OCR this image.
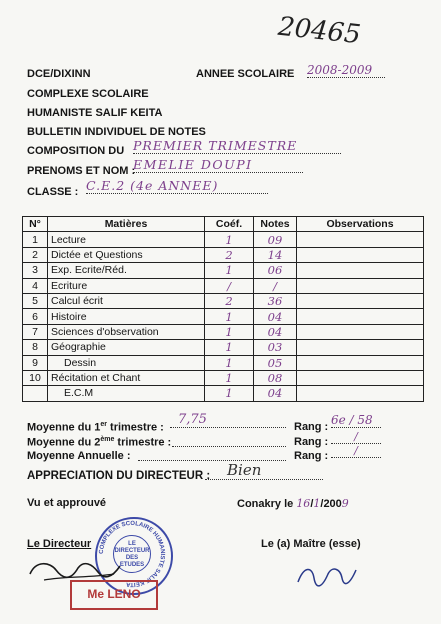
20465
DCE/DIXINN	ANNEE SCOLAIRE 2008-2009
COMPLEXE SCOLAIRE
HUMANISTE SALIF KEITA
BULLETIN INDIVIDUEL DE NOTES
COMPOSITION DU PREMIER TRIMESTRE
PRENOMS ET NOM :
EMELIE DOUPI
CLASSE : C.E.2 (4e ANNEE)
N°	Matières	Coéf.	Notes	Observations
1	Lecture	1	09	
2	Dictée et Questions	2	14	
3	Exp. Ecrite/Réd.	1	06	
4	Ecriture	/	/	
5	Calcul écrit	2	36	
6	Histoire	1	04	
7	Sciences d'observation	1	04	
8	Géographie	1	03	
9	Dessin	1	05	
10	Récitation et Chant	1	08	
	E.C.M	1	04	
Moyenne du 1er trimestre :
7,75	Rang : 6e / 58
Moyenne du 2ème trimestre :	Rang :	/
Moyenne Annuelle :	Rang :	/
APPRECIATION DU DIRECTEUR :	Bien
Vu et approuvé	Conakry le 16/1/2009
Le Directeur	Le (a) Maître (esse)
COMPLEXE SCOLAIRE HUMANISTE SALIF KEITA
LE DIRECTEUR DES ETUDES
Me LENO
